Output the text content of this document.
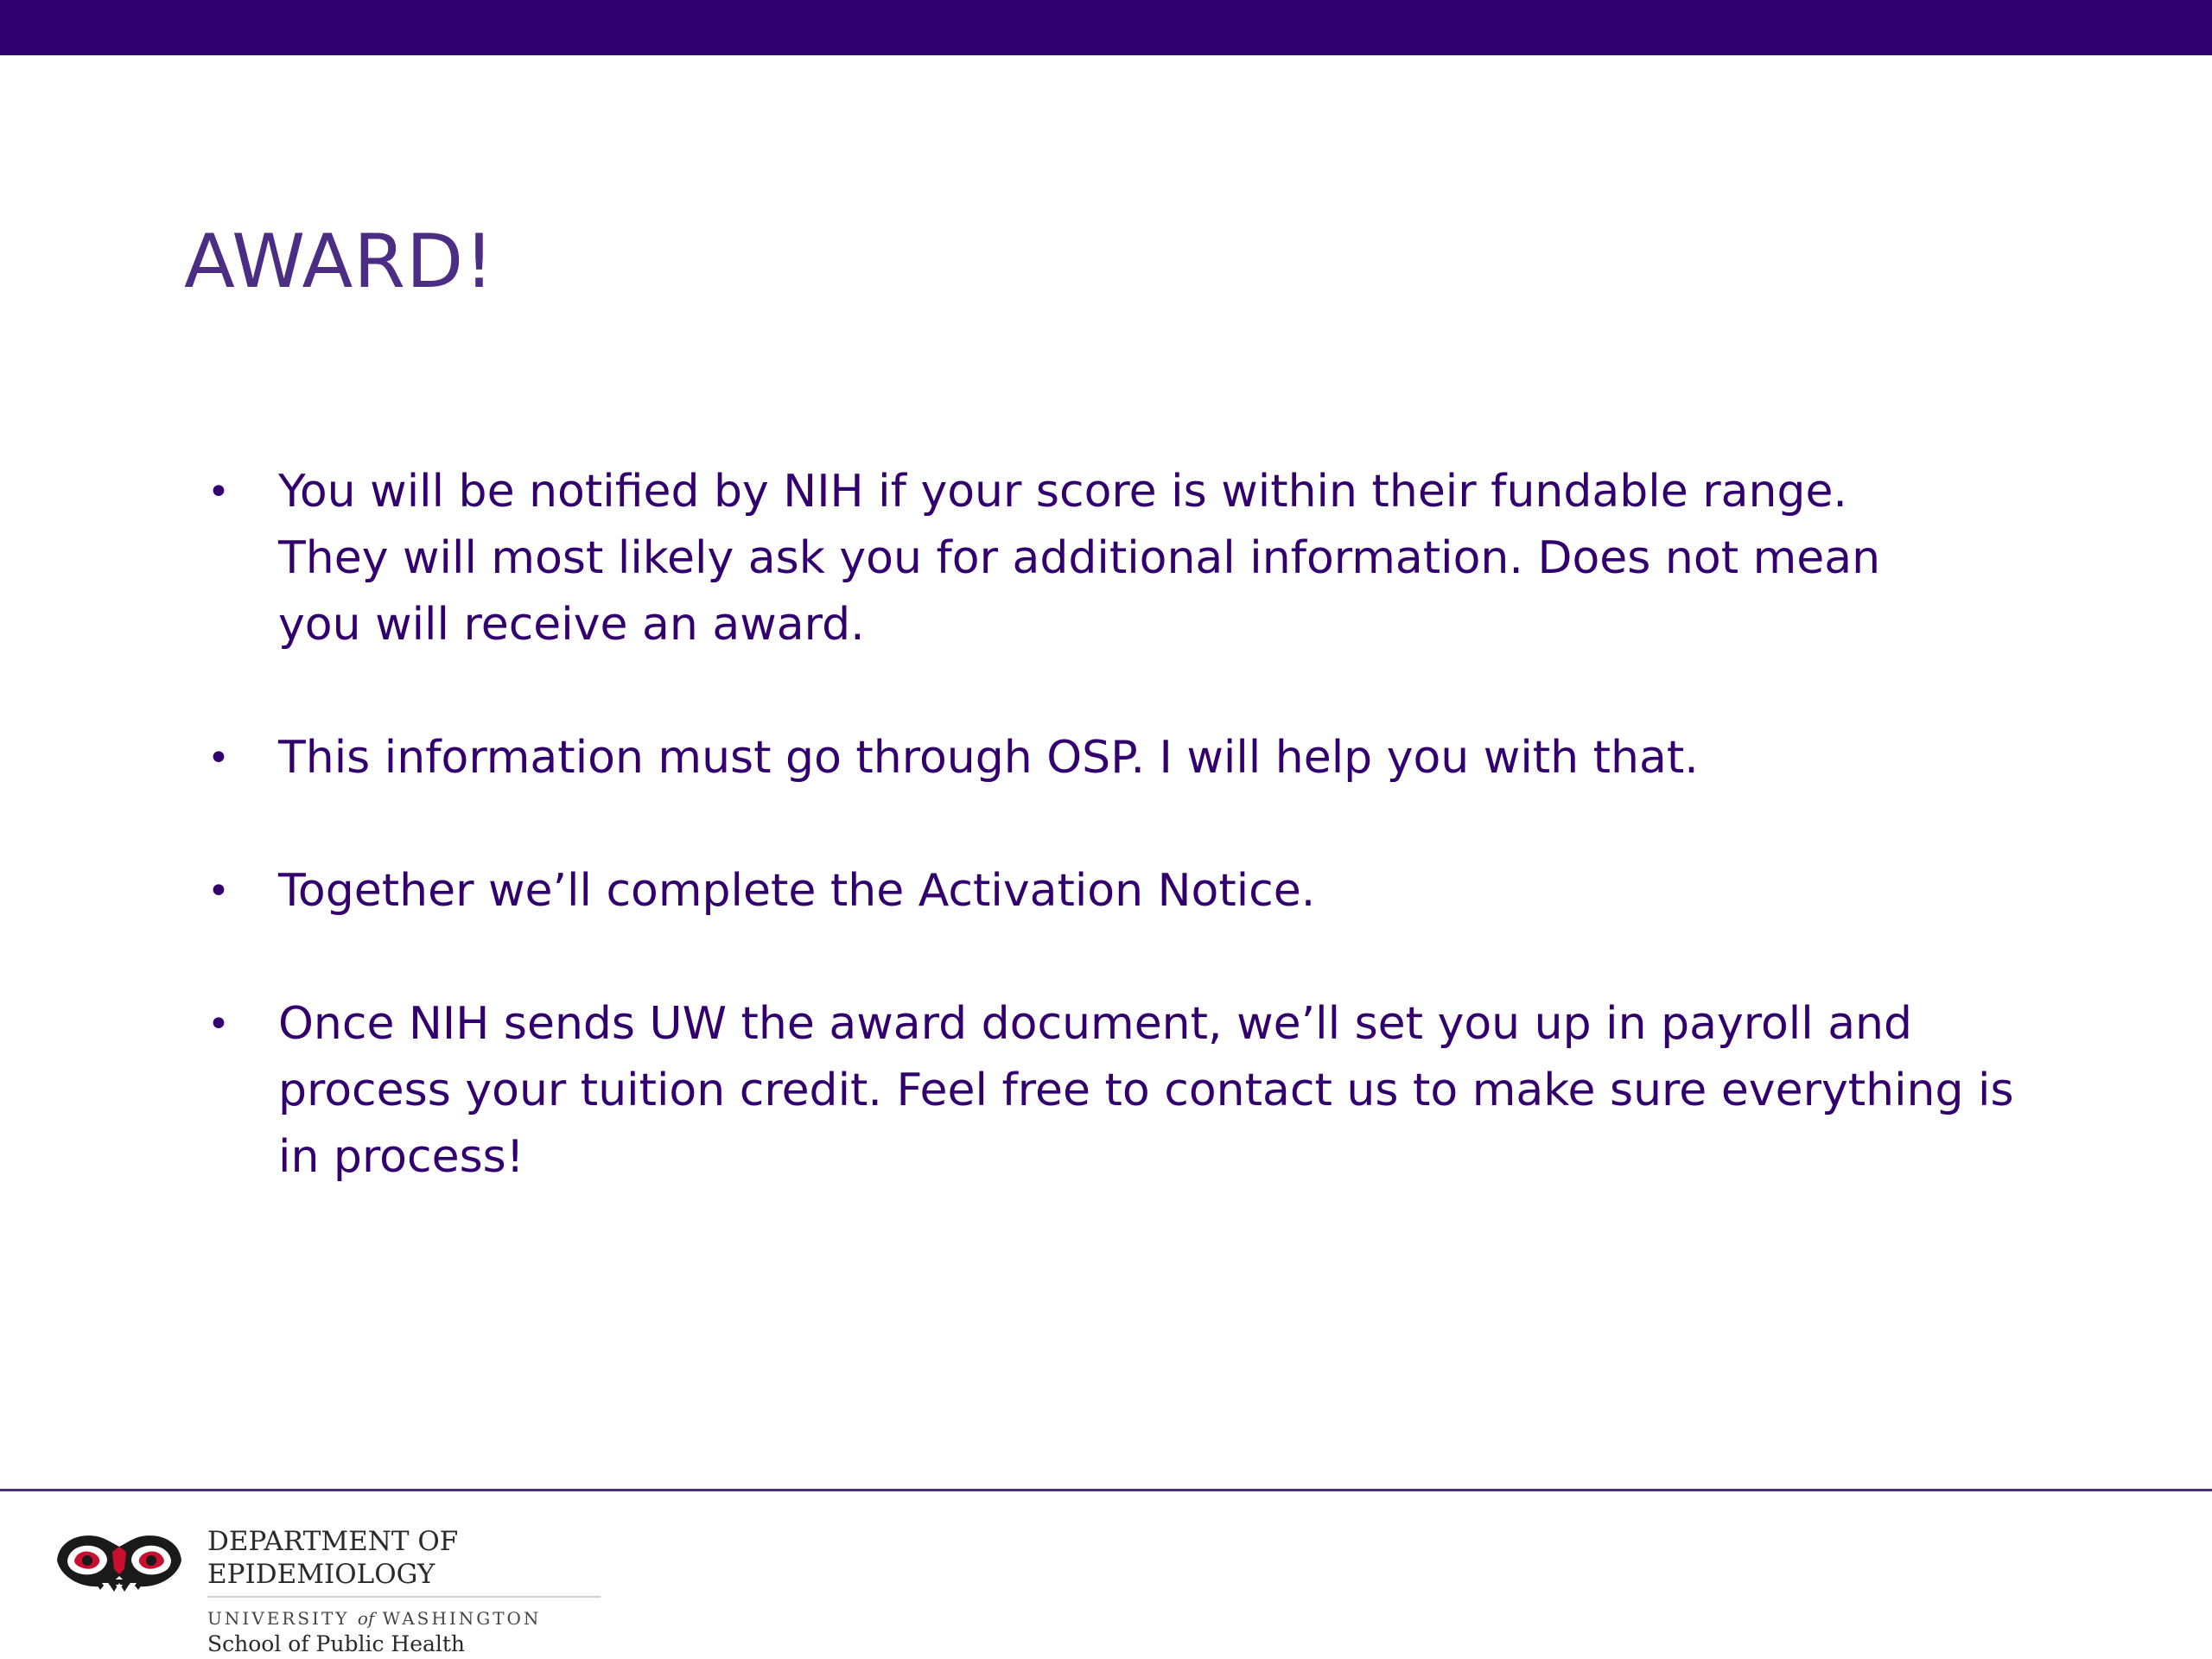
AWARD!
• You will be notified by NIH if your score is within their fundable range. They will most likely ask you for additional information. Does not mean you will receive an award.
• This information must go through OSP. I will help you with that.
• Together we’ll complete the Activation Notice.
• Once NIH sends UW the award document, we’ll set you up in payroll and process your tuition credit. Feel free to contact us to make sure everything is in process!
DEPARTMENT OF EPIDEMIOLOGY
UNIVERSITY of WASHINGTON
School of Public Health
